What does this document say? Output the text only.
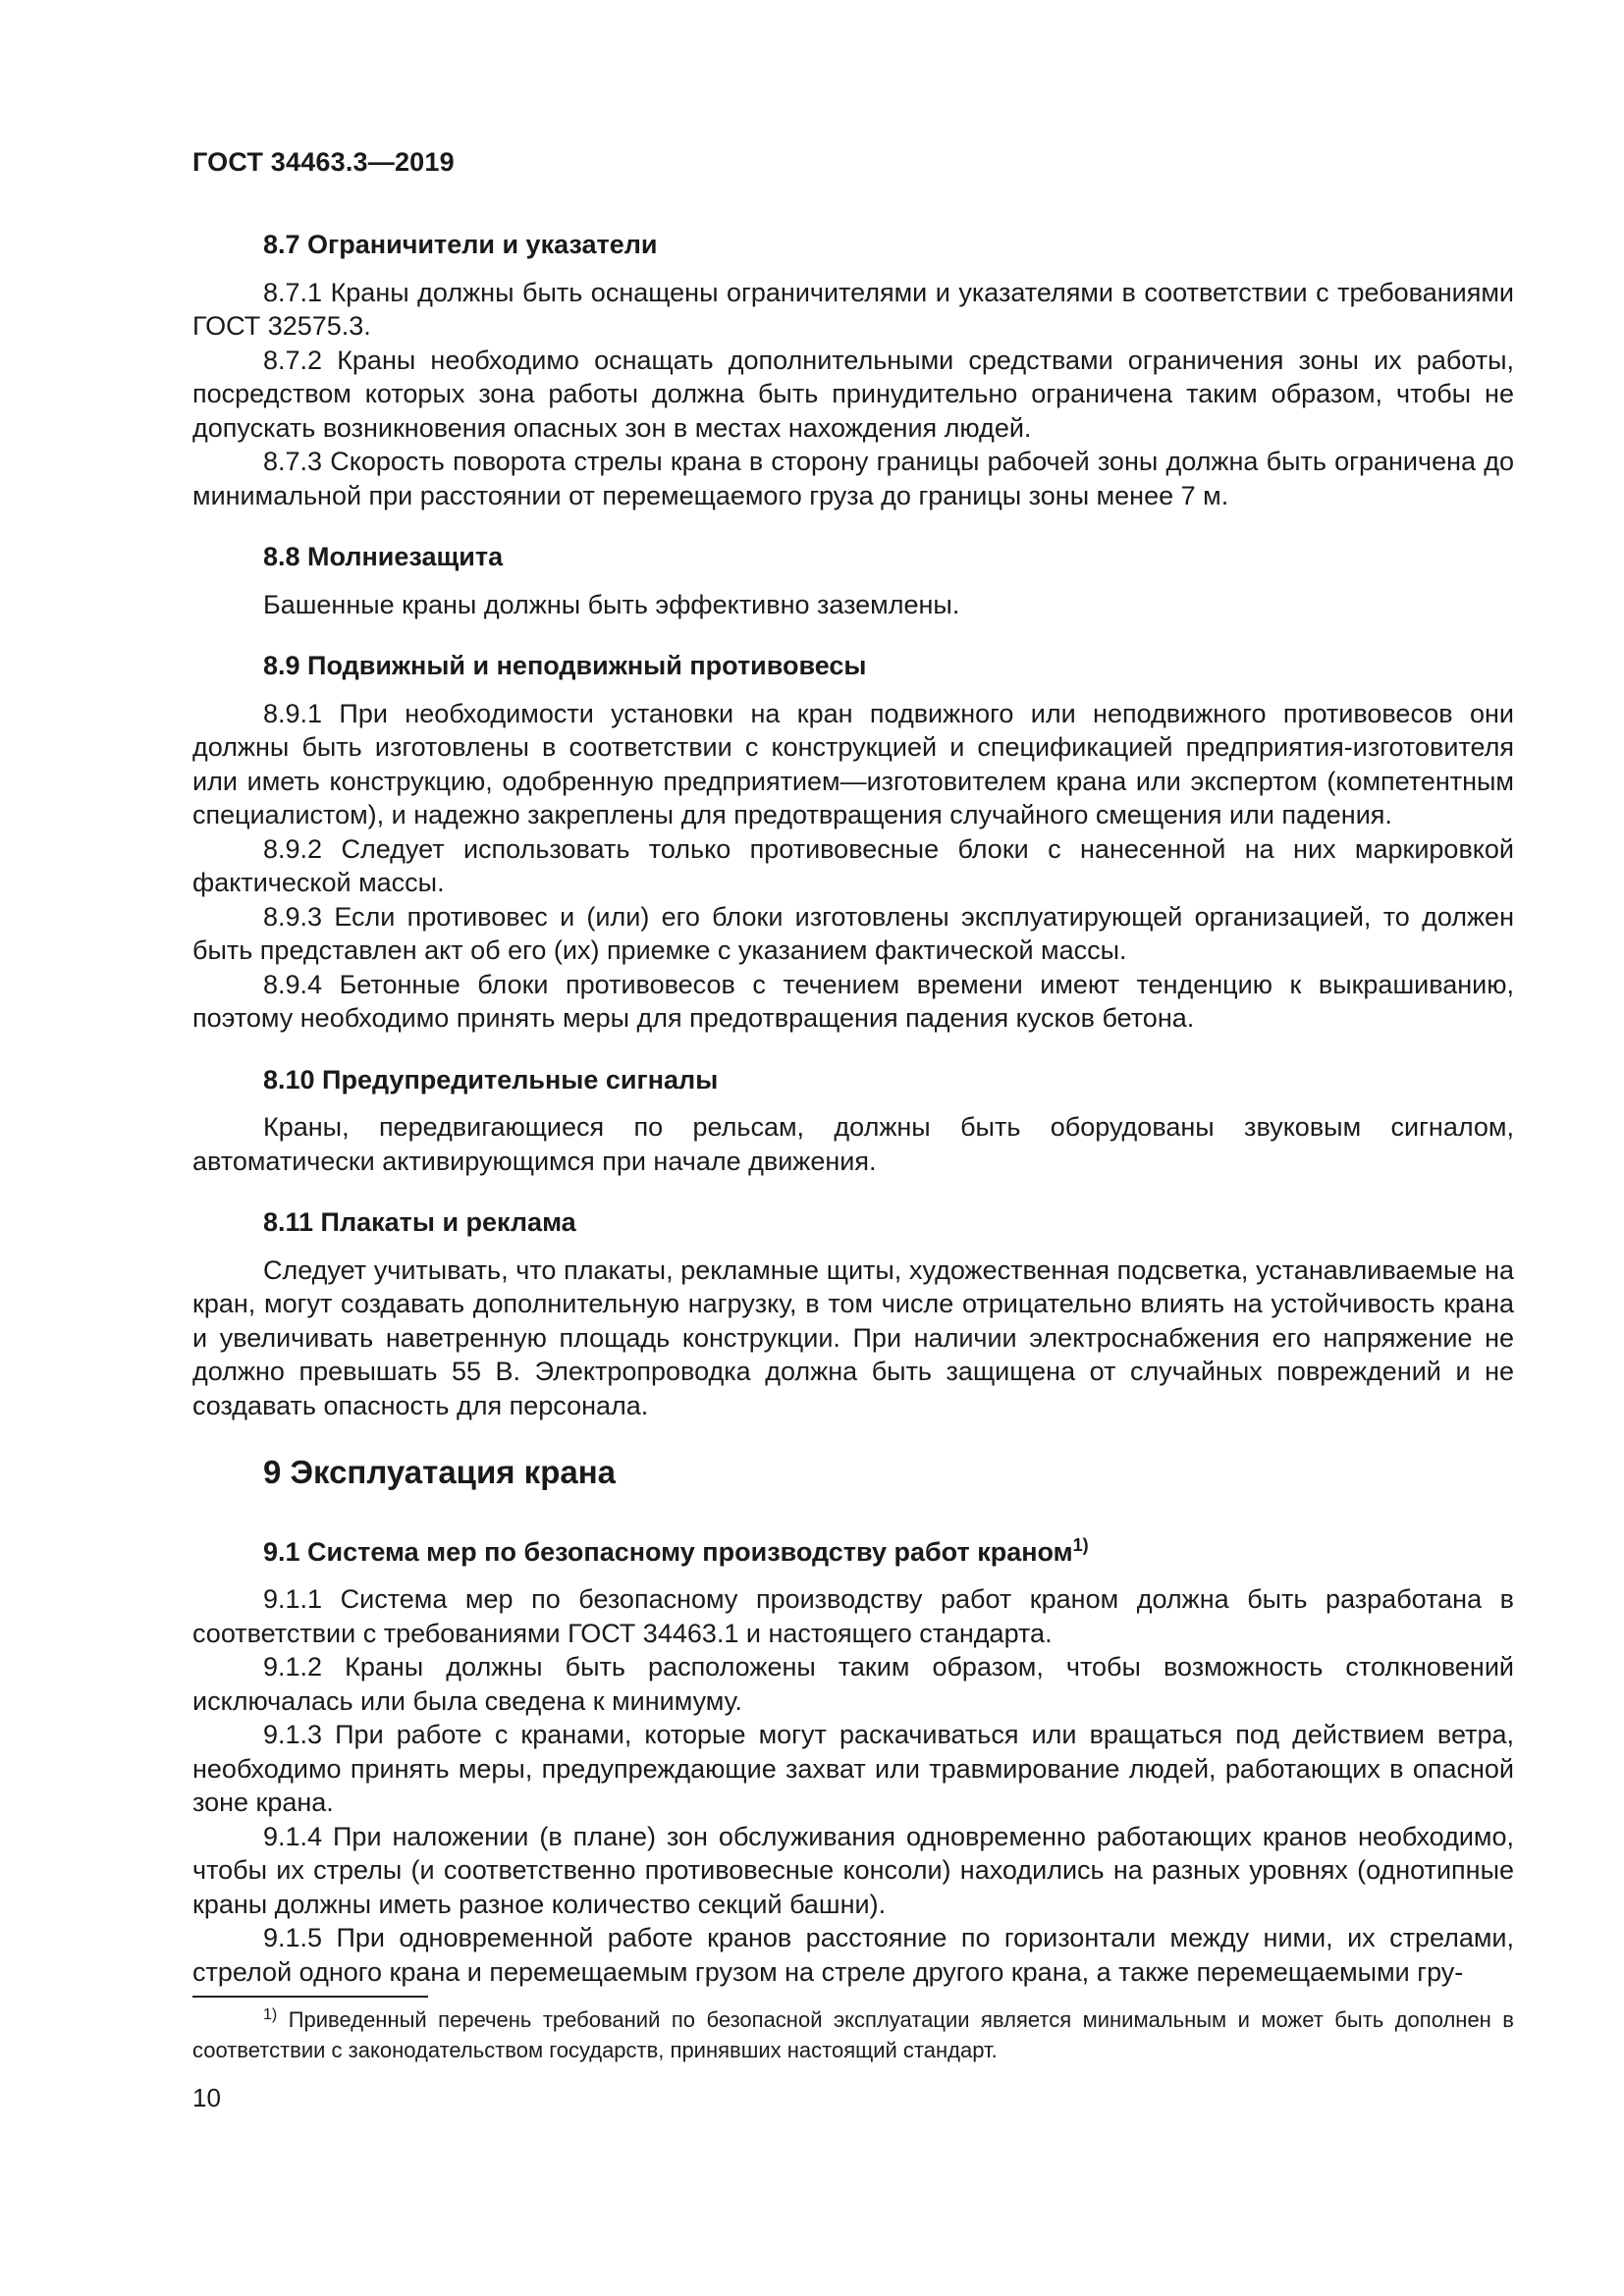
ГОСТ 34463.3—2019
8.7 Ограничители и указатели

8.7.1 Краны должны быть оснащены ограничителями и указателями в соответствии с требованиями ГОСТ 32575.3.

8.7.2 Краны необходимо оснащать дополнительными средствами ограничения зоны их работы, посредством которых зона работы должна быть принудительно ограничена таким образом, чтобы не допускать возникновения опасных зон в местах нахождения людей.

8.7.3 Скорость поворота стрелы крана в сторону границы рабочей зоны должна быть ограничена до минимальной при расстоянии от перемещаемого груза до границы зоны менее 7 м.

8.8 Молниезащита

Башенные краны должны быть эффективно заземлены.

8.9 Подвижный и неподвижный противовесы

8.9.1 При необходимости установки на кран подвижного или неподвижного противовесов они должны быть изготовлены в соответствии с конструкцией и спецификацией предприятия-изготовителя или иметь конструкцию, одобренную предприятием—изготовителем крана или экспертом (компетентным специалистом), и надежно закреплены для предотвращения случайного смещения или падения.

8.9.2 Следует использовать только противовесные блоки с нанесенной на них маркировкой фактической массы.

8.9.3 Если противовес и (или) его блоки изготовлены эксплуатирующей организацией, то должен быть представлен акт об его (их) приемке с указанием фактической массы.

8.9.4 Бетонные блоки противовесов с течением времени имеют тенденцию к выкрашиванию, поэтому необходимо принять меры для предотвращения падения кусков бетона.

8.10 Предупредительные сигналы

Краны, передвигающиеся по рельсам, должны быть оборудованы звуковым сигналом, автоматически активирующимся при начале движения.

8.11 Плакаты и реклама

Следует учитывать, что плакаты, рекламные щиты, художественная подсветка, устанавливаемые на кран, могут создавать дополнительную нагрузку, в том числе отрицательно влиять на устойчивость крана и увеличивать наветренную площадь конструкции. При наличии электроснабжения его напряжение не должно превышать 55 В. Электропроводка должна быть защищена от случайных повреждений и не создавать опасность для персонала.

9 Эксплуатация крана
9.1 Система мер по безопасному производству работ краном$^{1)}$

9.1.1 Система мер по безопасному производству работ краном должна быть разработана в соответствии с требованиями ГОСТ 34463.1 и настоящего стандарта.

9.1.2 Краны должны быть расположены таким образом, чтобы возможность столкновений исключалась или была сведена к минимуму.

9.1.3 При работе с кранами, которые могут раскачиваться или вращаться под действием ветра, необходимо принять меры, предупреждающие захват или травмирование людей, работающих в опасной зоне крана.

9.1.4 При наложении (в плане) зон обслуживания одновременно работающих кранов необходимо, чтобы их стрелы (и соответственно противовесные консоли) находились на разных уровнях (однотипные краны должны иметь разное количество секций башни).

9.1.5 При одновременной работе кранов расстояние по горизонтали между ними, их стрелами, стрелой одного крана и перемещаемым грузом на стреле другого крана, а также перемещаемыми гру-

$^{1)}$ Приведенный перечень требований по безопасной эксплуатации является минимальным и может быть дополнен в соответствии с законодательством государств, принявших настоящий стандарт.

10
